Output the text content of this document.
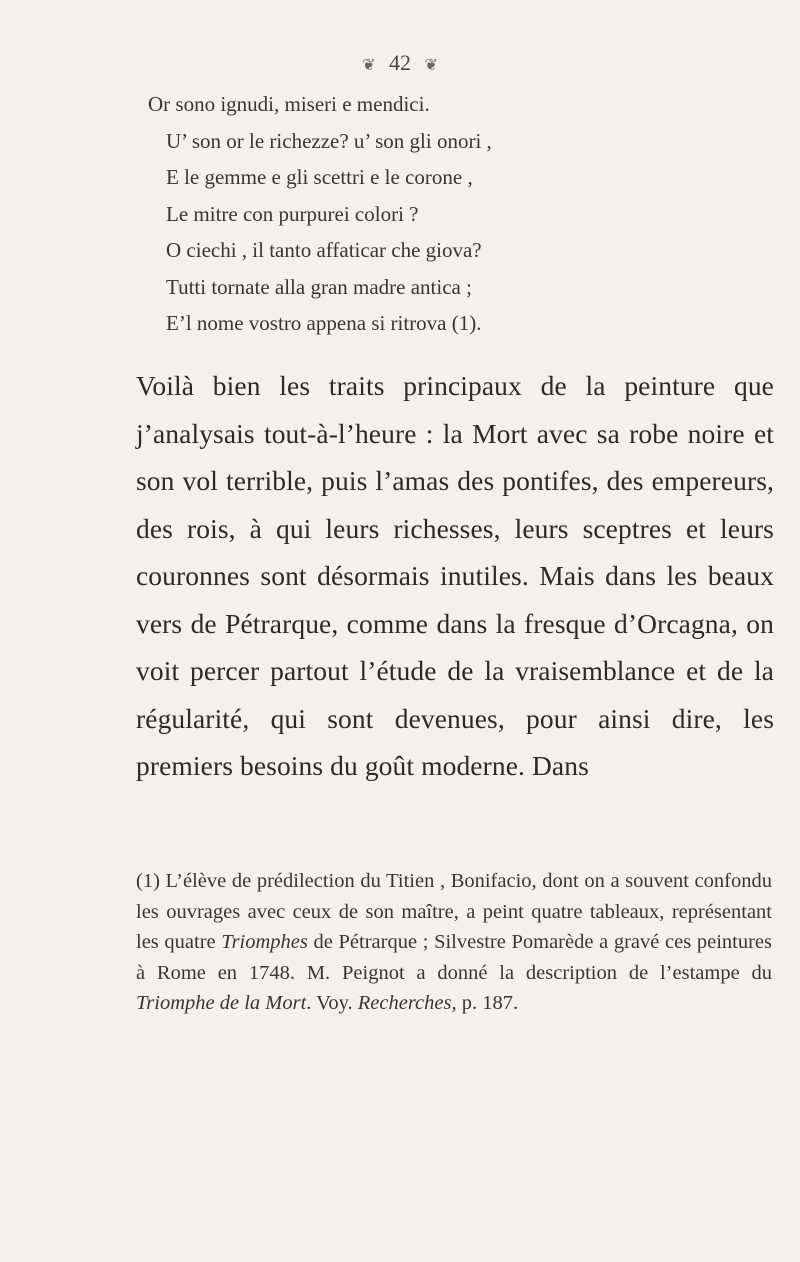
❦ 42 ❦
Or sono ignudi, miseri e mendici.
U’ son or le richezze? u’ son gli onori ,
E le gemme e gli scettri e le corone ,
Le mitre con purpurei colori ?
O ciechi , il tanto affaticar che giova?
Tutti tornate alla gran madre antica ;
E’l nome vostro appena si ritrova (1).
Voilà bien les traits principaux de la peinture que j’analysais tout-à-l’heure : la Mort avec sa robe noire et son vol terrible, puis l’amas des pontifes, des empereurs, des rois, à qui leurs richesses, leurs sceptres et leurs couronnes sont désormais inutiles. Mais dans les beaux vers de Pétrarque, comme dans la fresque d’Orcagna, on voit percer partout l’étude de la vraisemblance et de la régularité, qui sont devenues, pour ainsi dire, les premiers besoins du goût moderne. Dans
(1) L’élève de prédilection du Titien , Bonifacio, dont on a souvent confondu les ouvrages avec ceux de son maître, a peint quatre tableaux, représentant les quatre Triomphes de Pétrarque ; Silvestre Pomarède a gravé ces peintures à Rome en 1748. M. Peignot a donné la description de l’estampe du Triomphe de la Mort. Voy. Recherches, p. 187.
